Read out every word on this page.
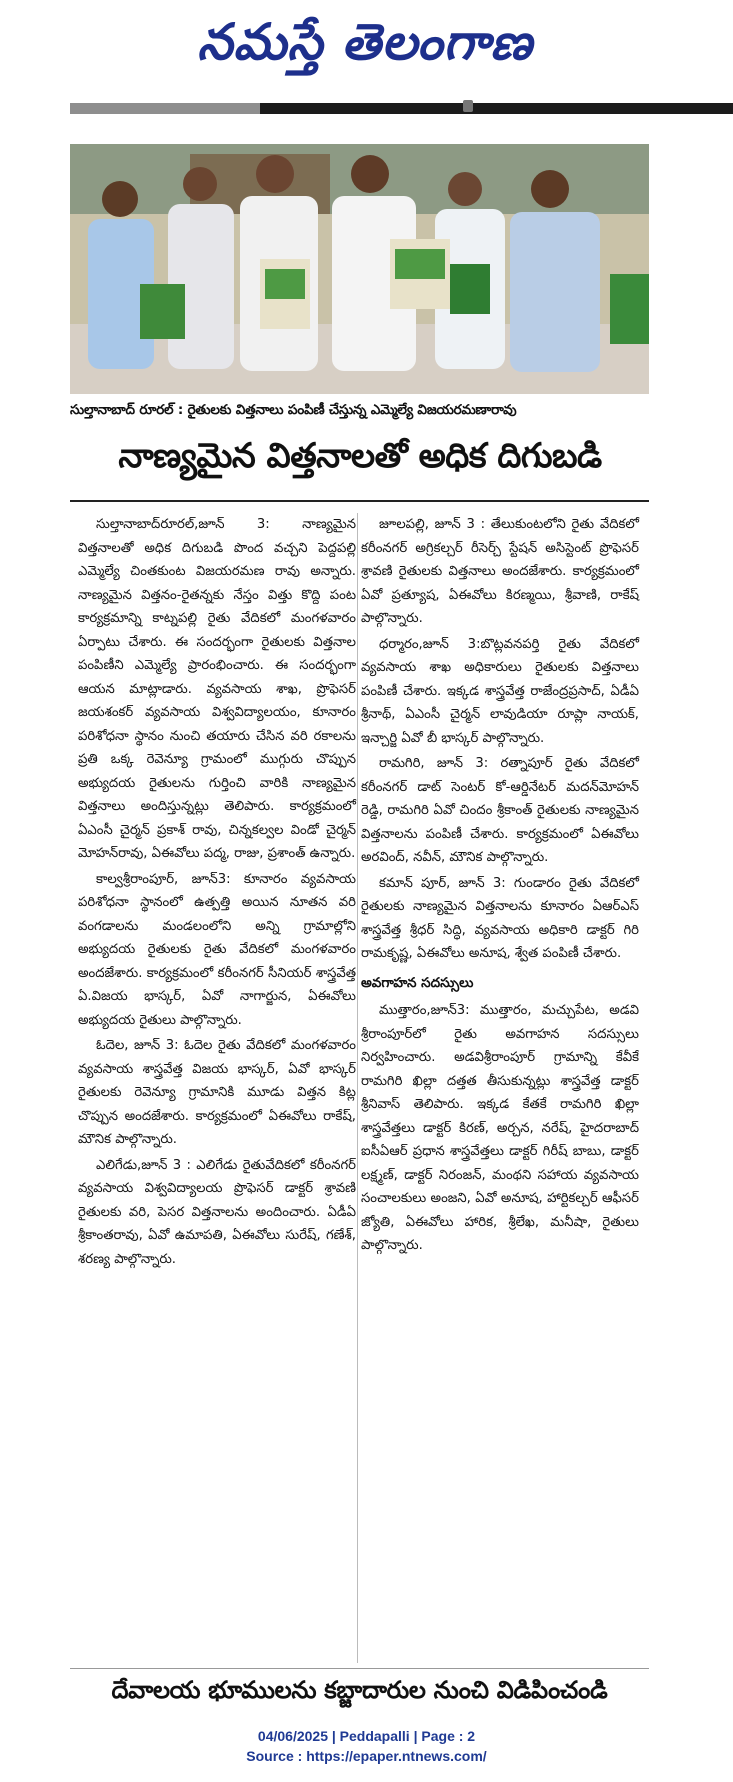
నమస్తే తెలంగాణ
సుల్తానాబాద్ రూరల్ : రైతులకు విత్తనాలు పంపిణీ చేస్తున్న ఎమ్మెల్యే విజయరమణారావు
నాణ్యమైన విత్తనాలతో అధిక దిగుబడి

సుల్తానాబాద్‌రూరల్,జూన్ 3: నాణ్యమైన విత్తనాలతో అధిక దిగుబడి పొంద వచ్చని పెద్దపల్లి ఎమ్మెల్యే చింతకుంట విజయరమణ రావు అన్నారు. నాణ్యమైన విత్తనం-రైతన్నకు నేస్తం విత్తు కొద్ది పంట కార్యక్రమాన్ని కాట్నపల్లి రైతు వేదికలో మంగళవారం ఏర్పాటు చేశారు. ఈ సందర్భంగా రైతులకు విత్తనాల పంపిణీని ఎమ్మెల్యే ప్రారంభించారు. ఈ సందర్భంగా ఆయన మాట్లాడారు. వ్యవసాయ శాఖ, ప్రొఫెసర్ జయశంకర్ వ్యవసాయ విశ్వవిద్యాలయం, కూనారం పరిశోధనా స్థానం నుంచి తయారు చేసిన వరి రకాలను ప్రతి ఒక్క రెవెన్యూ గ్రామంలో ముగ్గురు చొప్పున అభ్యుదయ రైతులను గుర్తించి వారికి నాణ్యమైన విత్తనాలు అందిస్తున్నట్లు తెలిపారు. కార్యక్రమంలో ఏఎంసీ చైర్మన్ ప్రకాశ్ రావు, చిన్నకల్వల విండో చైర్మన్ మోహన్‌రావు, ఏఈవోలు పద్మ, రాజు, ప్రశాంత్ ఉన్నారు.

కాల్వశ్రీరాంపూర్, జూన్3: కూనారం వ్యవసాయ పరిశోధనా స్థానంలో ఉత్పత్తి అయిన నూతన వరి వంగడాలను మండలంలోని అన్ని గ్రామాల్లోని అభ్యుదయ రైతులకు రైతు వేదికలో మంగళవారం అందజేశారు. కార్యక్రమంలో కరీంనగర్ సీనియర్ శాస్త్రవేత్త ఏ.విజయ భాస్కర్, ఏవో నాగార్జున, ఏఈవోలు అభ్యుదయ రైతులు పాల్గొన్నారు.

ఓదెల, జూన్ 3: ఓదెల రైతు వేదికలో మంగళవారం వ్యవసాయ శాస్త్రవేత్త విజయ భాస్కర్, ఏవో భాస్కర్ రైతులకు రెవెన్యూ గ్రామానికి మూడు విత్తన కిట్ల చొప్పున అందజేశారు. కార్యక్రమంలో ఏఈవోలు రాకేష్, మౌనిక పాల్గొన్నారు.

ఎలిగేడు,జూన్ 3 : ఎలిగేడు రైతువేదికలో కరీంనగర్ వ్యవసాయ విశ్వవిద్యాలయ ప్రొఫెసర్ డాక్టర్ శ్రావణి రైతులకు వరి, పెసర విత్తనాలను అందించారు. ఏడీఏ శ్రీకాంతరావు, ఏవో ఉమాపతి, ఏఈవోలు సురేష్, గణేశ్, శరణ్య పాల్గొన్నారు.

జూలపల్లి, జూన్ 3 : తేలుకుంటలోని రైతు వేదికలో కరీంనగర్ అగ్రికల్చర్ రీసెర్చ్ స్టేషన్ అసిస్టెంట్ ప్రొఫెసర్ శ్రావణి రైతులకు విత్తనాలు అందజేశారు. కార్యక్రమంలో ఏవో ప్రత్యూష, ఏఈవోలు కిరణ్మయి, శ్రీవాణి, రాకేష్ పాల్గొన్నారు.

ధర్మారం,జూన్ 3:బొట్లవనపర్తి రైతు వేదికలో వ్యవసాయ శాఖ అధికారులు రైతులకు విత్తనాలు పంపిణీ చేశారు. ఇక్కడ శాస్త్రవేత్త రాజేంద్రప్రసాద్, ఏడీఏ శ్రీనాథ్, ఏఎంసీ చైర్మన్ లావుడియా రూప్లా నాయక్, ఇన్చార్జి ఏవో బీ భాస్కర్ పాల్గొన్నారు.

రామగిరి, జూన్ 3: రత్నాపూర్ రైతు వేదికలో కరీంనగర్ డాట్ సెంటర్ కో-ఆర్డినేటర్ మదన్‌మోహన్ రెడ్డి, రామగిరి ఏవో చిందం శ్రీకాంత్ రైతులకు నాణ్యమైన విత్తనాలను పంపిణీ చేశారు. కార్యక్రమంలో ఏఈవోలు అరవింద్, నవీన్, మౌనిక పాల్గొన్నారు.

కమాన్ పూర్, జూన్ 3: గుండారం రైతు వేదికలో రైతులకు నాణ్యమైన విత్తనాలను కూనారం ఏఆర్ఎస్ శాస్త్రవేత్త శ్రీధర్ సిద్ధి, వ్యవసాయ అధికారి డాక్టర్ గిరి రామకృష్ణ, ఏఈవోలు అనూష, శ్వేత పంపిణీ చేశారు.

అవగాహన సదస్సులు

ముత్తారం,జూన్3: ముత్తారం, మచ్చుపేట, అడవి శ్రీరాంపూర్‌లో రైతు అవగాహన సదస్సులు నిర్వహించారు. అడవిశ్రీరాంపూర్ గ్రామాన్ని కేవీకే రామగిరి ఖిల్లా దత్తత తీసుకున్నట్లు శాస్త్రవేత్త డాక్టర్ శ్రీనివాస్ తెలిపారు. ఇక్కడ కేతకే రామగిరి ఖిల్లా శాస్త్రవేత్తలు డాక్టర్ కిరణ్, అర్చన, నరేష్, హైదరాబాద్ ఐసీఏఆర్ ప్రధాన శాస్త్రవేత్తలు డాక్టర్ గిరీష్ బాబు, డాక్టర్ లక్ష్మణ్, డాక్టర్ నిరంజన్, మంథని సహాయ వ్యవసాయ సంచాలకులు అంజని, ఏవో అనూష, హార్టికల్చర్ ఆఫీసర్ జ్యోతి, ఏఈవోలు హారిక, శ్రీలేఖ, మనీషా, రైతులు పాల్గొన్నారు.

దేవాలయ భూములను కబ్జాదారుల నుంచి విడిపించండి
04/06/2025 | Peddapalli | Page : 2
Source : https://epaper.ntnews.com/
